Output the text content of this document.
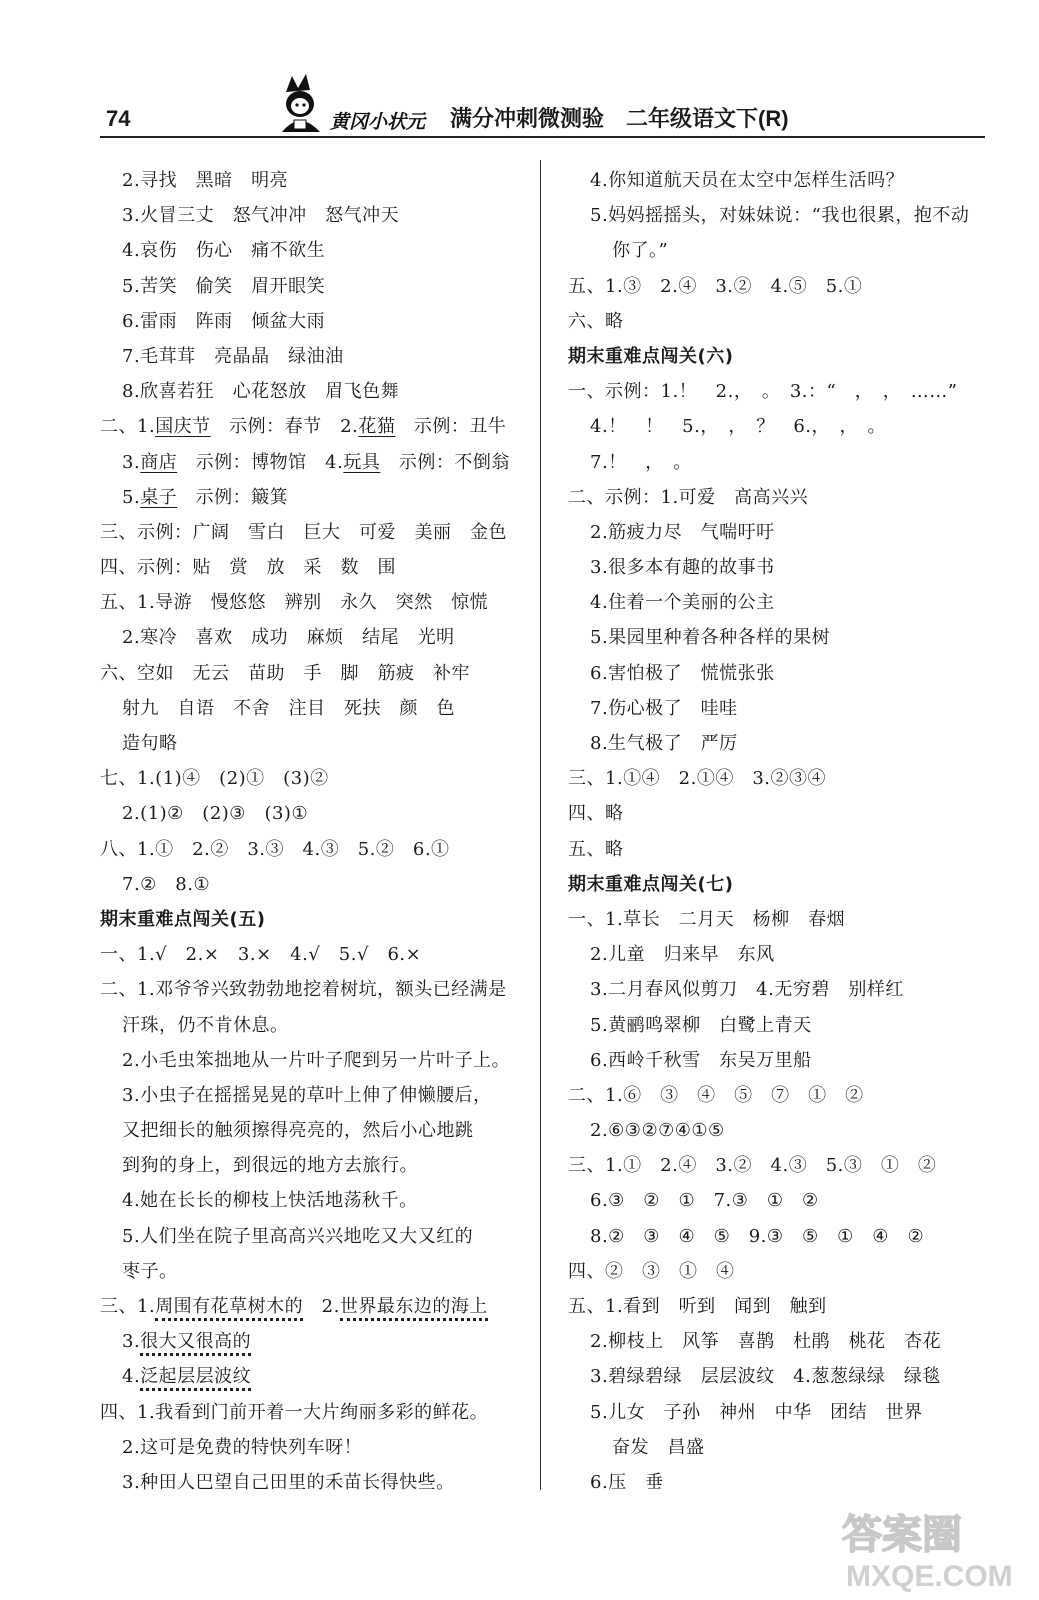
74	黄冈小状元 满分冲刺微测验 二年级语文下(R)
2.寻找　黑暗　明亮
3.火冒三丈　怒气冲冲　怒气冲天
4.哀伤　伤心　痛不欲生
5.苦笑　偷笑　眉开眼笑
6.雷雨　阵雨　倾盆大雨
7.毛茸茸　亮晶晶　绿油油
8.欣喜若狂　心花怒放　眉飞色舞
二、1.国庆节　示例：春节　2.花猫　示例：丑牛
3.商店　示例：博物馆　4.玩具　示例：不倒翁
5.桌子　示例：簸箕
三、示例：广阔　雪白　巨大　可爱　美丽　金色
四、示例：贴　赏　放　采　数　围
五、1.导游　慢悠悠　辨别　永久　突然　惊慌
2.寒冷　喜欢　成功　麻烦　结尾　光明
六、空如　无云　苗助　手　脚　筋疲　补牢
射九　自语　不舍　注目　死扶　颜　色
造句略
七、1.(1)④　(2)①　(3)②
2.(1)②　(2)③　(3)①
八、1.①　2.②　3.③　4.③　5.②　6.①
7.②　8.①
期末重难点闯关(五)
一、1.√　2.×　3.×　4.√　5.√　6.×
二、1.邓爷爷兴致勃勃地挖着树坑，额头已经满是
汗珠，仍不肯休息。
2.小毛虫笨拙地从一片叶子爬到另一片叶子上。
3.小虫子在摇摇晃晃的草叶上伸了伸懒腰后，
又把细长的触须擦得亮亮的，然后小心地跳
到狗的身上，到很远的地方去旅行。
4.她在长长的柳枝上快活地荡秋千。
5.人们坐在院子里高高兴兴地吃又大又红的
枣子。
三、1.周围有花草树木的　2.世界最东边的海上
3.很大又很高的
4.泛起层层波纹
四、1.我看到门前开着一大片绚丽多彩的鲜花。
2.这可是免费的特快列车呀！
3.种田人巴望自己田里的禾苗长得快些。
4.你知道航天员在太空中怎样生活吗？
5.妈妈摇摇头，对妹妹说：“我也很累，抱不动
你了。”
五、1.③　2.④　3.②　4.⑤　5.①
六、略
期末重难点闯关(六)
一、示例：1.！　2.，　。　3.：“　，　，　……”
4.！　！　5.，　，　？　6.，　，　。
7.！　，　。
二、示例：1.可爱　高高兴兴
2.筋疲力尽　气喘吁吁
3.很多本有趣的故事书
4.住着一个美丽的公主
5.果园里种着各种各样的果树
6.害怕极了　慌慌张张
7.伤心极了　哇哇
8.生气极了　严厉
三、1.①④　2.①④　3.②③④
四、略
五、略
期末重难点闯关(七)
一、1.草长　二月天　杨柳　春烟
2.儿童　归来早　东风
3.二月春风似剪刀　4.无穷碧　别样红
5.黄鹂鸣翠柳　白鹭上青天
6.西岭千秋雪　东吴万里船
二、1.⑥　③　④　⑤　⑦　①　②
2.⑥③②⑦④①⑤
三、1.①　2.④　3.②　4.③　5.③　①　②
6.③　②　①　7.③　①　②
8.②　③　④　⑤　9.③　⑤　①　④　②
四、②　③　①　④
五、1.看到　听到　闻到　触到
2.柳枝上　风筝　喜鹊　杜鹃　桃花　杏花
3.碧绿碧绿　层层波纹　4.葱葱绿绿　绿毯
5.儿女　子孙　神州　中华　团结　世界
奋发　昌盛
6.压　垂
答案圈
MXQE.COM
